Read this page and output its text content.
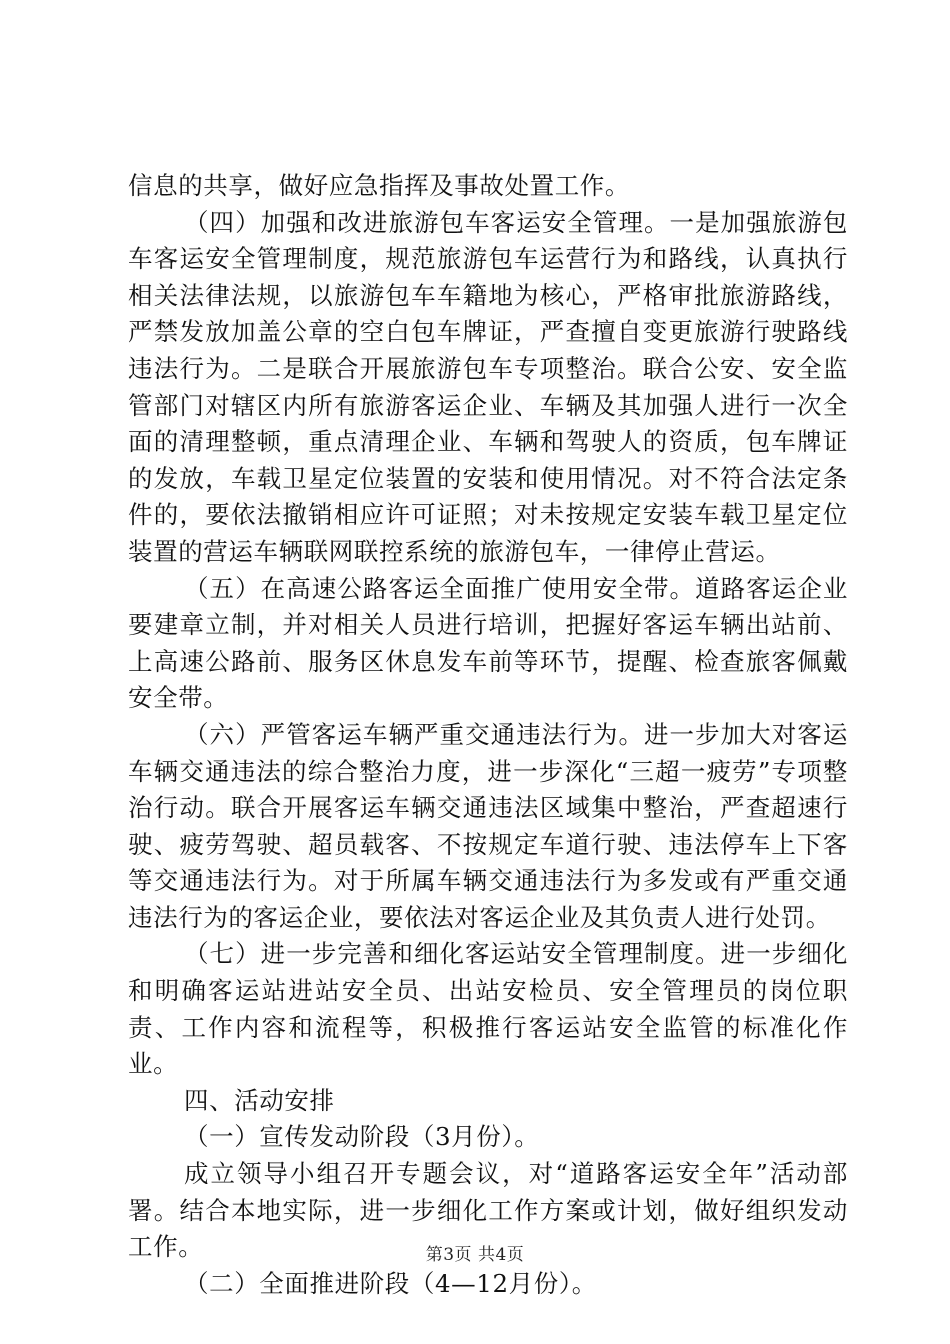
信息的共享，做好应急指挥及事故处置工作。

（四）加强和改进旅游包车客运安全管理。一是加强旅游包车客运安全管理制度，规范旅游包车运营行为和路线，认真执行相关法律法规，以旅游包车车籍地为核心，严格审批旅游路线，严禁发放加盖公章的空白包车牌证，严查擅自变更旅游行驶路线违法行为。二是联合开展旅游包车专项整治。联合公安、安全监管部门对辖区内所有旅游客运企业、车辆及其加强人进行一次全面的清理整顿，重点清理企业、车辆和驾驶人的资质，包车牌证的发放，车载卫星定位装置的安装和使用情况。对不符合法定条件的，要依法撤销相应许可证照；对未按规定安装车载卫星定位装置的营运车辆联网联控系统的旅游包车，一律停止营运。

（五）在高速公路客运全面推广使用安全带。道路客运企业要建章立制，并对相关人员进行培训，把握好客运车辆出站前、上高速公路前、服务区休息发车前等环节，提醒、检查旅客佩戴安全带。

（六）严管客运车辆严重交通违法行为。进一步加大对客运车辆交通违法的综合整治力度，进一步深化“三超一疲劳”专项整治行动。联合开展客运车辆交通违法区域集中整治，严查超速行驶、疲劳驾驶、超员载客、不按规定车道行驶、违法停车上下客等交通违法行为。对于所属车辆交通违法行为多发或有严重交通违法行为的客运企业，要依法对客运企业及其负责人进行处罚。

（七）进一步完善和细化客运站安全管理制度。进一步细化和明确客运站进站安全员、出站安检员、安全管理员的岗位职责、工作内容和流程等，积极推行客运站安全监管的标准化作业。

四、活动安排

（一）宣传发动阶段（3月份）。

成立领导小组召开专题会议，对“道路客运安全年”活动部署。结合本地实际，进一步细化工作方案或计划，做好组织发动工作。

（二）全面推进阶段（4—12月份）。

第3页 共4页
